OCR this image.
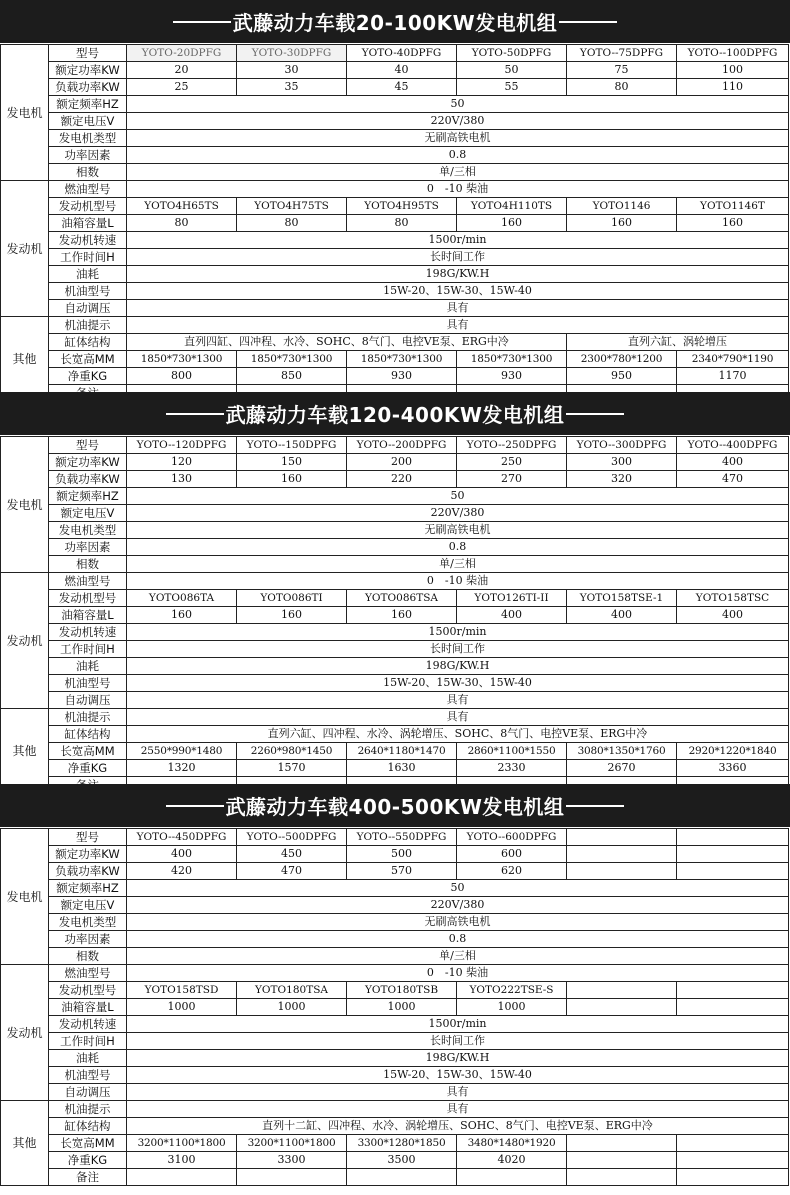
武藤动力车载20-100KW发电机组
发电机	型号	YOTO-20DPFG	YOTO-30DPFG	YOTO-40DPFG	YOTO-50DPFG	YOTO--75DPFG	YOTO--100DPFG
	额定功率KW	20	30	40	50	75	100
	负载功率KW	25	35	45	55	80	110
	额定频率HZ	50					
	额定电压V	220V/380					
	发电机类型	无刷高铁电机					
	功率因素	0.8					
	相数	单/三相					
发动机	燃油型号	0　-10 柴油					
	发动机型号	YOTO4H65TS	YOTO4H75TS	YOTO4H95TS	YOTO4H110TS	YOTO1146	YOTO1146T
	油箱容量L	80	80	80	160	160	160
	发动机转速	1500r/min					
	工作时间H	长时间工作					
	油耗	198G/KW.H					
	机油型号	15W-20、15W-30、15W-40					
	自动调压	具有					
其他	机油提示	具有					
	缸体结构	直列四缸、四冲程、水冷、SOHC、8气门、电控VE泵、ERG中冷				直列六缸、涡轮增压	
	长宽高MM	1850*730*1300	1850*730*1300	1850*730*1300	1850*730*1300	2300*780*1200	2340*790*1190
	净重KG	800	850	930	930	950	1170

武藤动力车载120-400KW发电机组
发电机	型号	YOTO--120DPFG	YOTO--150DPFG	YOTO--200DPFG	YOTO--250DPFG	YOTO--300DPFG	YOTO--400DPFG
	额定功率KW	120	150	200	250	300	400
	负载功率KW	130	160	220	270	320	470
	额定频率HZ	50					
	额定电压V	220V/380					
	发电机类型	无刷高铁电机					
	功率因素	0.8					
	相数	单/三相					
发动机	燃油型号	0　-10 柴油					
	发动机型号	YOTO086TA	YOTO086TI	YOTO086TSA	YOTO126TI-II	YOTO158TSE-1	YOTO158TSC
	油箱容量L	160	160	160	400	400	400
	发动机转速	1500r/min					
	工作时间H	长时间工作					
	油耗	198G/KW.H					
	机油型号	15W-20、15W-30、15W-40					
	自动调压	具有					
其他	机油提示	具有					
	缸体结构	直列六缸、四冲程、水冷、涡轮增压、SOHC、8气门、电控VE泵、ERG中冷					
	长宽高MM	2550*990*1480	2260*980*1450	2640*1180*1470	2860*1100*1550	3080*1350*1760	2920*1220*1840
	净重KG	1320	1570	1630	2330	2670	3360

武藤动力车载400-500KW发电机组
发电机	型号	YOTO--450DPFG	YOTO--500DPFG	YOTO--550DPFG	YOTO--600DPFG		
	额定功率KW	400	450	500	600		
	负载功率KW	420	470	570	620		
	额定频率HZ	50					
	额定电压V	220V/380					
	发电机类型	无刷高铁电机					
	功率因素	0.8					
	相数	单/三相					
发动机	燃油型号	0　-10 柴油					
	发动机型号	YOTO158TSD	YOTO180TSA	YOTO180TSB	YOTO222TSE-S		
	油箱容量L	1000	1000	1000	1000		
	发动机转速	1500r/min					
	工作时间H	长时间工作					
	油耗	198G/KW.H					
	机油型号	15W-20、15W-30、15W-40					
	自动调压	具有					
其他	机油提示	具有					
	缸体结构	直列十二缸、四冲程、水冷、涡轮增压、SOHC、8气门、电控VE泵、ERG中冷					
	长宽高MM	3200*1100*1800	3200*1100*1800	3300*1280*1850	3480*1480*1920		
	净重KG	3100	3300	3500	4020		
	备注						
